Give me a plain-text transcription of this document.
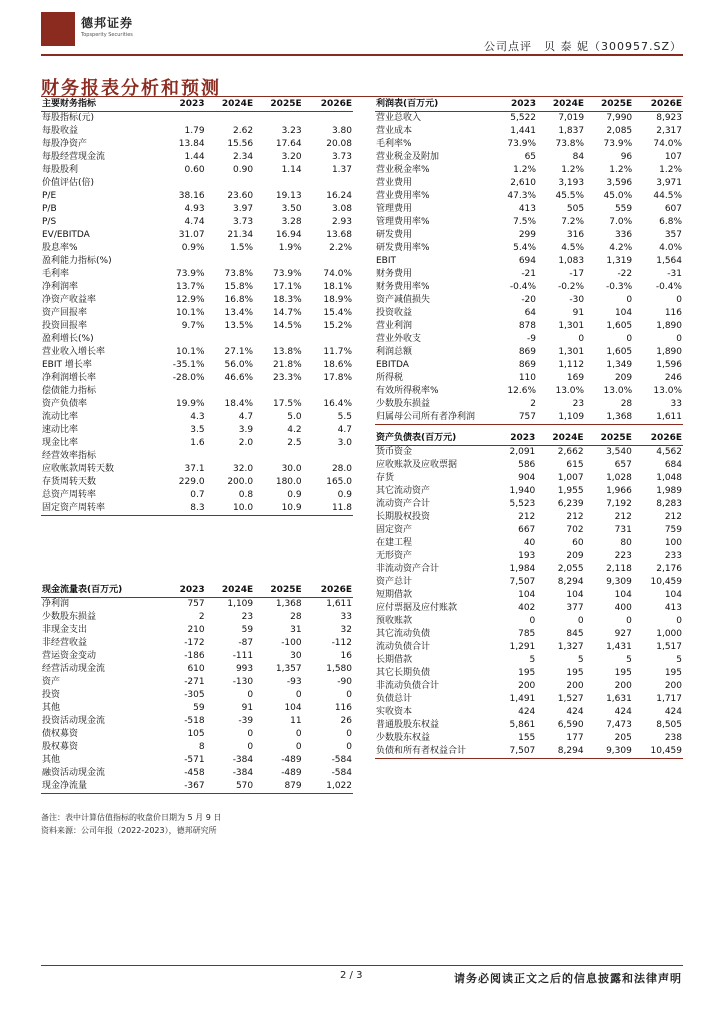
德邦证券
Topsperity Securities
公司点评　贝 泰 妮（300957.SZ）
财务报表分析和预测
主要财务指标	2023	2024E	2025E	2026E
每股指标(元)				
每股收益	1.79	2.62	3.23	3.80
每股净资产	13.84	15.56	17.64	20.08
每股经营现金流	1.44	2.34	3.20	3.73
每股股利	0.60	0.90	1.14	1.37
价值评估(倍)				
P/E	38.16	23.60	19.13	16.24
P/B	4.93	3.97	3.50	3.08
P/S	4.74	3.73	3.28	2.93
EV/EBITDA	31.07	21.34	16.94	13.68
股息率%	0.9%	1.5%	1.9%	2.2%
盈利能力指标(%)				
毛利率	73.9%	73.8%	73.9%	74.0%
净利润率	13.7%	15.8%	17.1%	18.1%
净资产收益率	12.9%	16.8%	18.3%	18.9%
资产回报率	10.1%	13.4%	14.7%	15.4%
投资回报率	9.7%	13.5%	14.5%	15.2%
盈利增长(%)				
营业收入增长率	10.1%	27.1%	13.8%	11.7%
EBIT 增长率	-35.1%	56.0%	21.8%	18.6%
净利润增长率	-28.0%	46.6%	23.3%	17.8%
偿债能力指标				
资产负债率	19.9%	18.4%	17.5%	16.4%
流动比率	4.3	4.7	5.0	5.5
速动比率	3.5	3.9	4.2	4.7
现金比率	1.6	2.0	2.5	3.0
经营效率指标				
应收帐款周转天数	37.1	32.0	30.0	28.0
存货周转天数	229.0	200.0	180.0	165.0
总资产周转率	0.7	0.8	0.9	0.9
固定资产周转率	8.3	10.0	10.9	11.8
利润表(百万元)	2023	2024E	2025E	2026E
营业总收入	5,522	7,019	7,990	8,923
营业成本	1,441	1,837	2,085	2,317
毛利率%	73.9%	73.8%	73.9%	74.0%
营业税金及附加	65	84	96	107
营业税金率%	1.2%	1.2%	1.2%	1.2%
营业费用	2,610	3,193	3,596	3,971
营业费用率%	47.3%	45.5%	45.0%	44.5%
管理费用	413	505	559	607
管理费用率%	7.5%	7.2%	7.0%	6.8%
研发费用	299	316	336	357
研发费用率%	5.4%	4.5%	4.2%	4.0%
EBIT	694	1,083	1,319	1,564
财务费用	-21	-17	-22	-31
财务费用率%	-0.4%	-0.2%	-0.3%	-0.4%
资产减值损失	-20	-30	0	0
投资收益	64	91	104	116
营业利润	878	1,301	1,605	1,890
营业外收支	-9	0	0	0
利润总额	869	1,301	1,605	1,890
EBITDA	869	1,112	1,349	1,596
所得税	110	169	209	246
有效所得税率%	12.6%	13.0%	13.0%	13.0%
少数股东损益	2	23	28	33
归属母公司所有者净利润	757	1,109	1,368	1,611
资产负债表(百万元)	2023	2024E	2025E	2026E
货币资金	2,091	2,662	3,540	4,562
应收账款及应收票据	586	615	657	684
存货	904	1,007	1,028	1,048
其它流动资产	1,940	1,955	1,966	1,989
流动资产合计	5,523	6,239	7,192	8,283
长期股权投资	212	212	212	212
固定资产	667	702	731	759
在建工程	40	60	80	100
无形资产	193	209	223	233
非流动资产合计	1,984	2,055	2,118	2,176
资产总计	7,507	8,294	9,309	10,459
短期借款	104	104	104	104
应付票据及应付账款	402	377	400	413
预收账款	0	0	0	0
其它流动负债	785	845	927	1,000
流动负债合计	1,291	1,327	1,431	1,517
长期借款	5	5	5	5
其它长期负债	195	195	195	195
非流动负债合计	200	200	200	200
负债总计	1,491	1,527	1,631	1,717
实收资本	424	424	424	424
普通股股东权益	5,861	6,590	7,473	8,505
少数股东权益	155	177	205	238
负债和所有者权益合计	7,507	8,294	9,309	10,459
现金流量表(百万元)	2023	2024E	2025E	2026E
净利润	757	1,109	1,368	1,611
少数股东损益	2	23	28	33
非现金支出	210	59	31	32
非经营收益	-172	-87	-100	-112
营运资金变动	-186	-111	30	16
经营活动现金流	610	993	1,357	1,580
资产	-271	-130	-93	-90
投资	-305	0	0	0
其他	59	91	104	116
投资活动现金流	-518	-39	11	26
债权募资	105	0	0	0
股权募资	8	0	0	0
其他	-571	-384	-489	-584
融资活动现金流	-458	-384	-489	-584
现金净流量	-367	570	879	1,022
备注：表中计算估值指标的收盘价日期为 5 月 9 日
资料来源：公司年报（2022-2023），德邦研究所
2 / 3	请务必阅读正文之后的信息披露和法律声明
